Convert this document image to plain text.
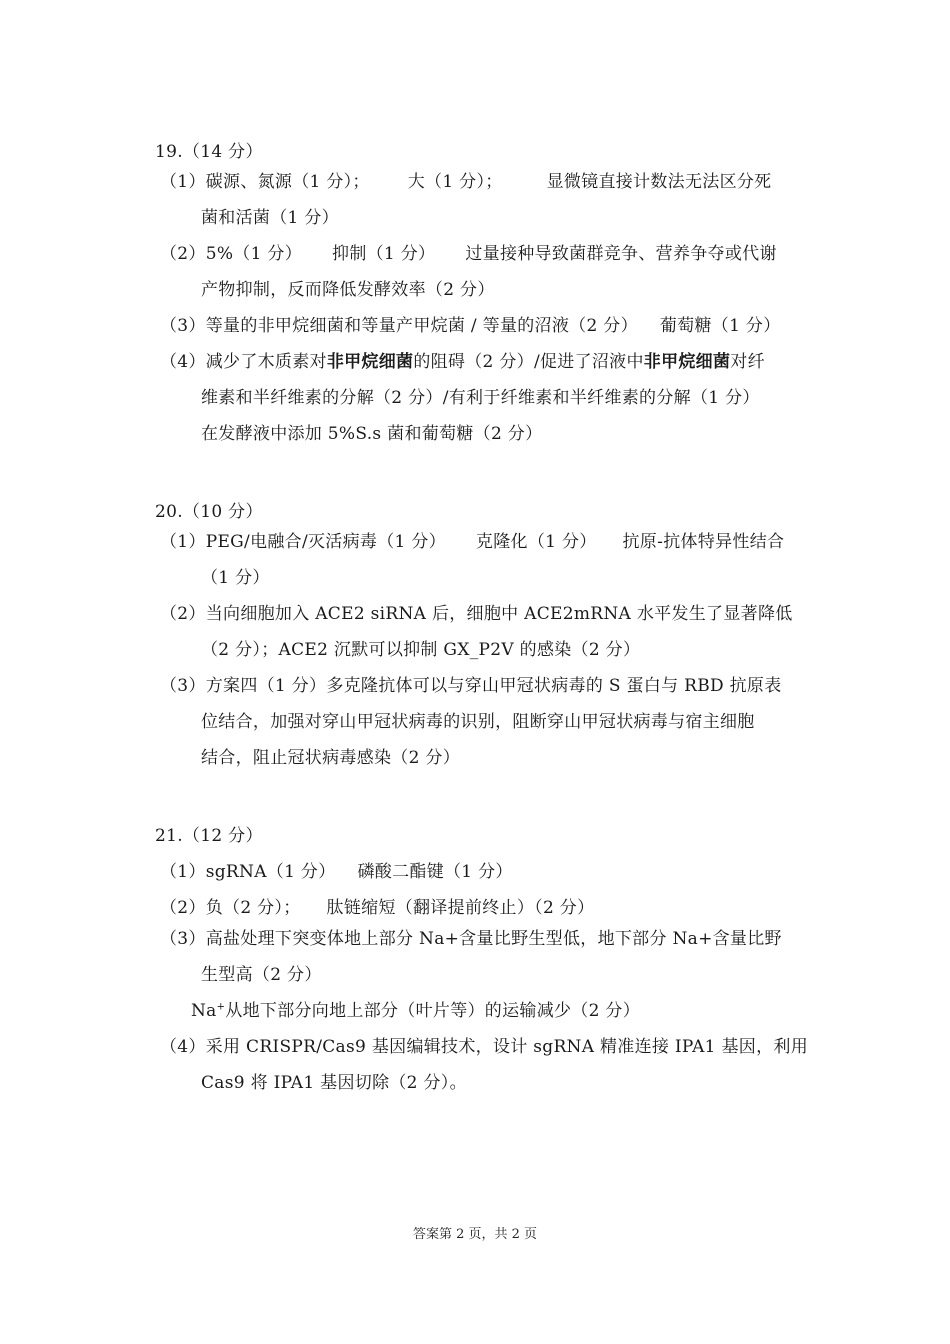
19.（14 分）
（1）碳源、氮源（1 分）； 大（1 分）；	显微镜直接计数法无法区分死
菌和活菌（1 分）
（2）5%（1 分） 抑制（1 分） 过量接种导致菌群竞争、营养争夺或代谢
产物抑制，反而降低发酵效率（2 分）
（3）等量的非甲烷细菌和等量产甲烷菌 / 等量的沼液（2 分） 葡萄糖（1 分）
（4）减少了木质素对非甲烷细菌的阻碍（2 分）/促进了沼液中非甲烷细菌对纤
维素和半纤维素的分解（2 分）/有利于纤维素和半纤维素的分解（1 分）
在发酵液中添加 5%S.s 菌和葡萄糖（2 分）
20.（10 分）
（1）PEG/电融合/灭活病毒（1 分） 克隆化（1 分） 抗原-抗体特异性结合
（1 分）
（2）当向细胞加入 ACE2 siRNA 后，细胞中 ACE2mRNA 水平发生了显著降低
（2 分）；ACE2 沉默可以抑制 GX_P2V 的感染（2 分）
（3）方案四（1 分）多克隆抗体可以与穿山甲冠状病毒的 S 蛋白与 RBD 抗原表
位结合，加强对穿山甲冠状病毒的识别，阻断穿山甲冠状病毒与宿主细胞
结合，阻止冠状病毒感染（2 分）
21.（12 分）
（1）sgRNA（1 分） 磷酸二酯键（1 分）
（2）负（2 分）； 肽链缩短（翻译提前终止）（2 分）
（3）高盐处理下突变体地上部分 Na+含量比野生型低，地下部分 Na+含量比野
生型高（2 分）
Na+从地下部分向地上部分（叶片等）的运输减少（2 分）
（4）采用 CRISPR/Cas9 基因编辑技术，设计 sgRNA 精准连接 IPA1 基因，利用
Cas9 将 IPA1 基因切除（2 分）。
答案第 2 页，共 2 页
